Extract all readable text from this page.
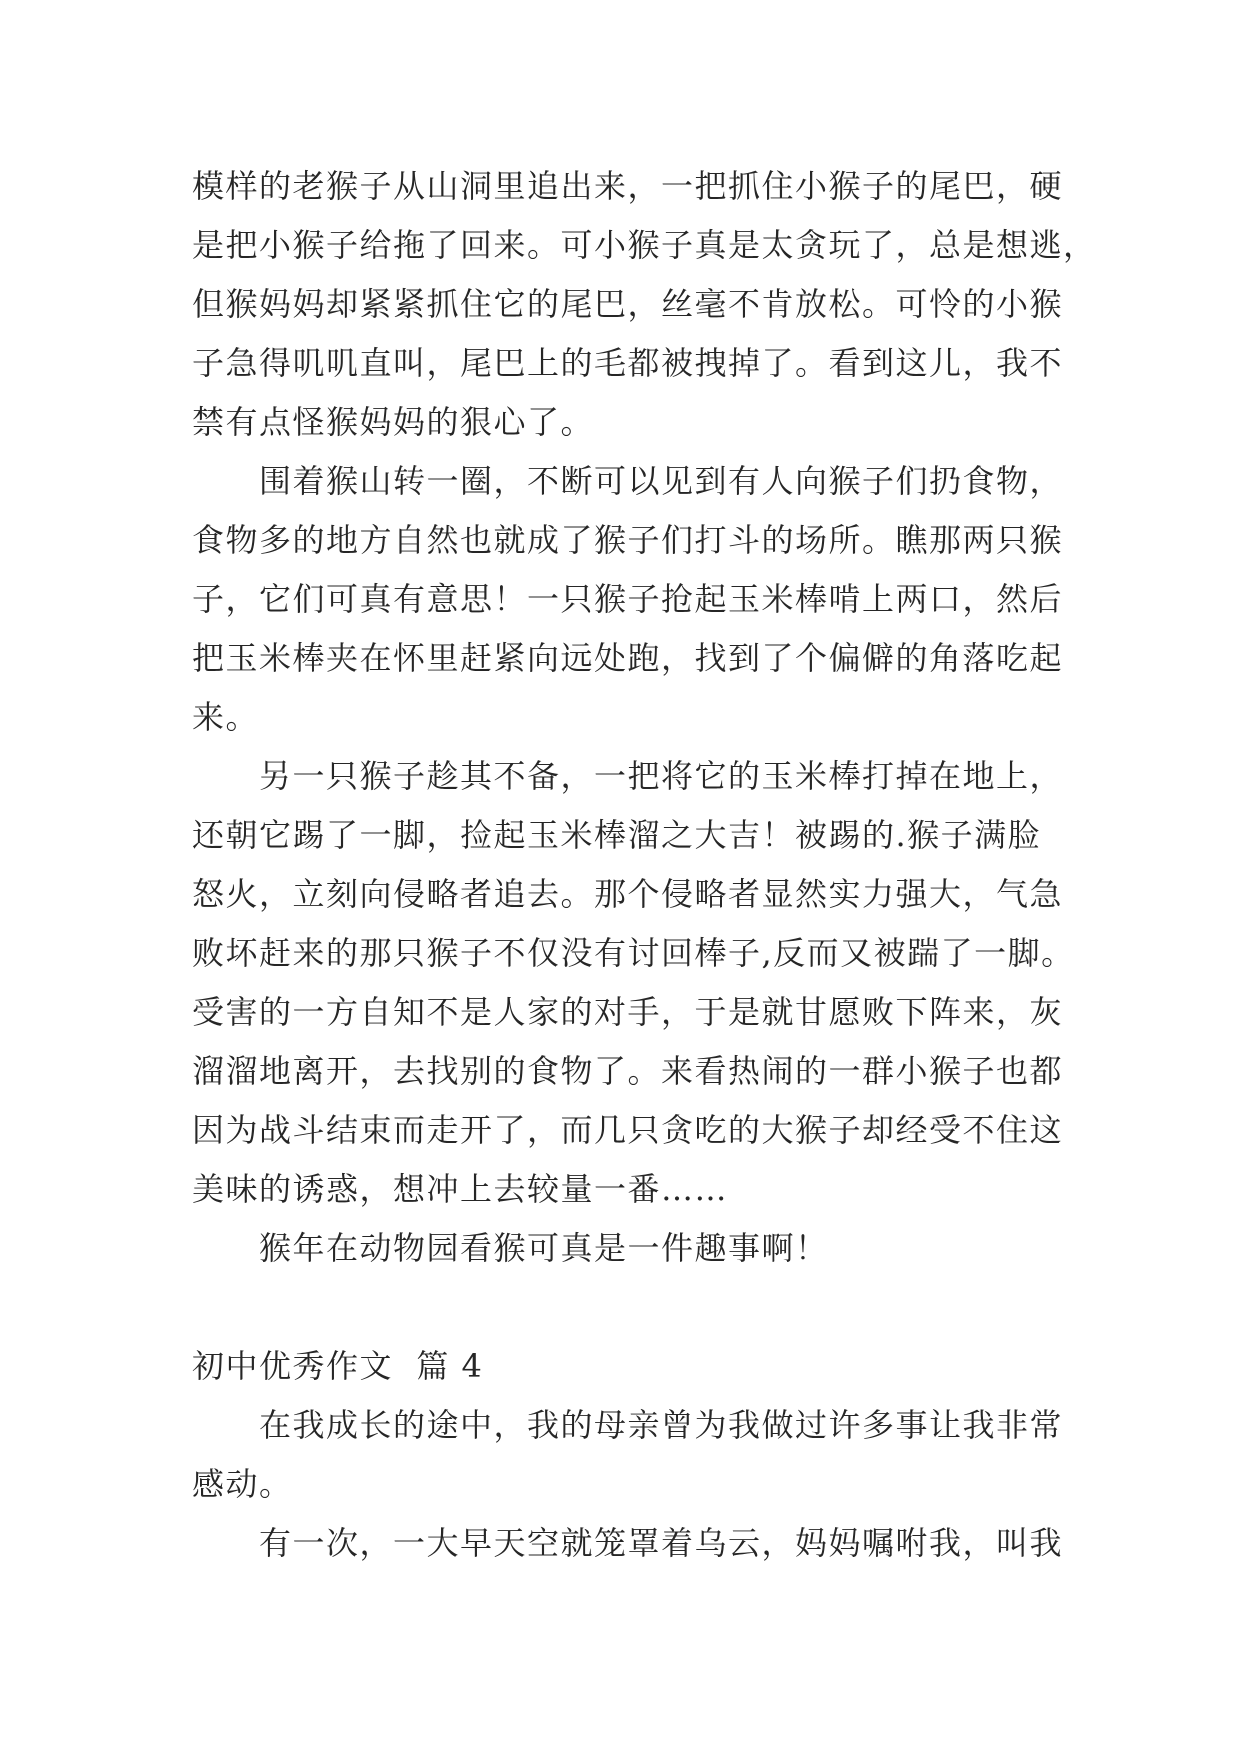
模样的老猴子从山洞里追出来，一把抓住小猴子的尾巴，硬
是把小猴子给拖了回来。可小猴子真是太贪玩了，总是想逃，
但猴妈妈却紧紧抓住它的尾巴，丝毫不肯放松。可怜的小猴
子急得叽叽直叫，尾巴上的毛都被拽掉了。看到这儿，我不
禁有点怪猴妈妈的狠心了。
围着猴山转一圈，不断可以见到有人向猴子们扔食物，
食物多的地方自然也就成了猴子们打斗的场所。瞧那两只猴
子，它们可真有意思！一只猴子抢起玉米棒啃上两口，然后
把玉米棒夹在怀里赶紧向远处跑，找到了个偏僻的角落吃起
来。
另一只猴子趁其不备，一把将它的玉米棒打掉在地上，
还朝它踢了一脚，捡起玉米棒溜之大吉！被踢的.猴子满脸
怒火，立刻向侵略者追去。那个侵略者显然实力强大，气急
败坏赶来的那只猴子不仅没有讨回棒子,反而又被踹了一脚。
受害的一方自知不是人家的对手，于是就甘愿败下阵来，灰
溜溜地离开，去找别的食物了。来看热闹的一群小猴子也都
因为战斗结束而走开了，而几只贪吃的大猴子却经受不住这
美味的诱惑，想冲上去较量一番……
猴年在动物园看猴可真是一件趣事啊！
初中优秀作文  篇 4
在我成长的途中，我的母亲曾为我做过许多事让我非常
感动。
有一次，一大早天空就笼罩着乌云，妈妈嘱咐我，叫我
